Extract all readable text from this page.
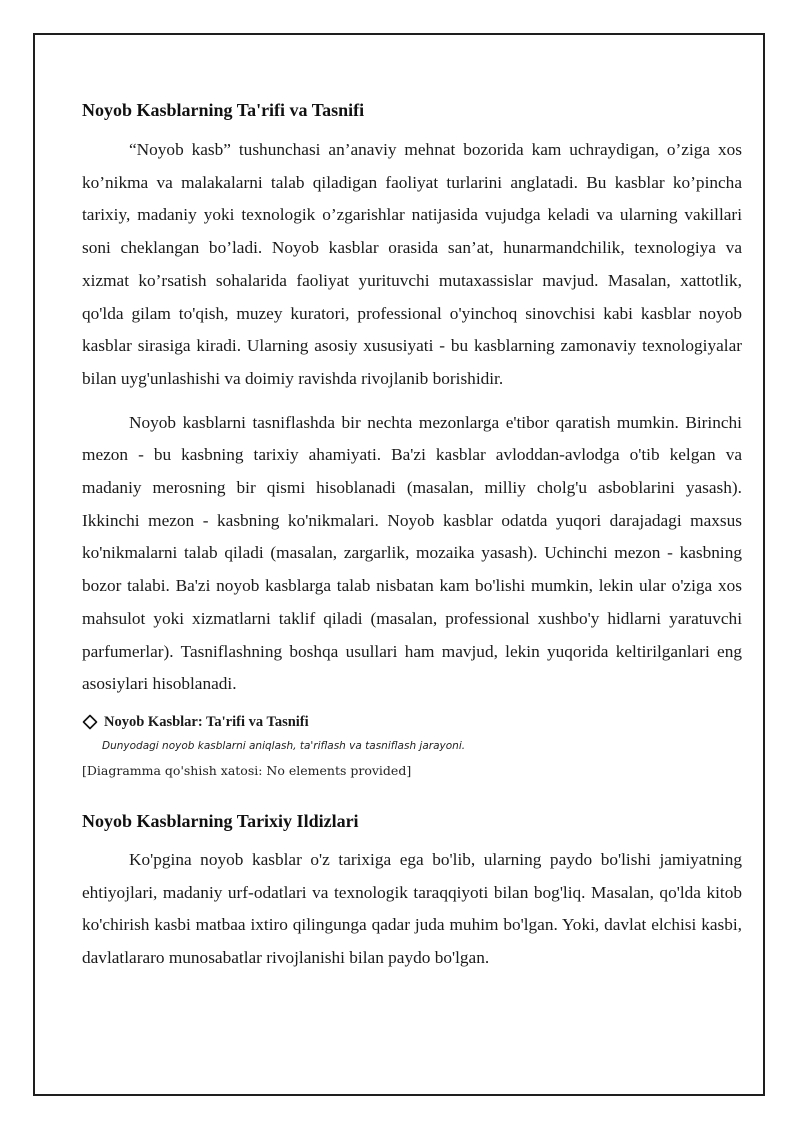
Noyob Kasblarning Ta'rifi va Tasnifi

“Noyob kasb” tushunchasi an’anaviy mehnat bozorida kam uchraydigan, o’ziga xos ko’nikma va malakalarni talab qiladigan faoliyat turlarini anglatadi. Bu kasblar ko’pincha tarixiy, madaniy yoki texnologik o’zgarishlar natijasida vujudga keladi va ularning vakillari soni cheklangan bo’ladi. Noyob kasblar orasida san’at, hunarmandchilik, texnologiya va xizmat ko’rsatish sohalarida faoliyat yurituvchi mutaxassislar mavjud. Masalan, xattotlik, qo'lda gilam to'qish, muzey kuratori, professional o'yinchoq sinovchisi kabi kasblar noyob kasblar sirasiga kiradi. Ularning asosiy xususiyati - bu kasblarning zamonaviy texnologiyalar bilan uyg'unlashishi va doimiy ravishda rivojlanib borishidir.

Noyob kasblarni tasniflashda bir nechta mezonlarga e'tibor qaratish mumkin. Birinchi mezon - bu kasbning tarixiy ahamiyati. Ba'zi kasblar avloddan-avlodga o'tib kelgan va madaniy merosning bir qismi hisoblanadi (masalan, milliy cholg'u asboblarini yasash). Ikkinchi mezon - kasbning ko'nikmalari. Noyob kasblar odatda yuqori darajadagi maxsus ko'nikmalarni talab qiladi (masalan, zargarlik, mozaika yasash). Uchinchi mezon - kasbning bozor talabi. Ba'zi noyob kasblarga talab nisbatan kam bo'lishi mumkin, lekin ular o'ziga xos mahsulot yoki xizmatlarni taklif qiladi (masalan, professional xushbo'y hidlarni yaratuvchi parfumerlar). Tasniflashning boshqa usullari ham mavjud, lekin yuqorida keltirilganlari eng asosiylari hisoblanadi.

Noyob Kasblar: Ta'rifi va Tasnifi
Dunyodagi noyob kasblarni aniqlash, ta'riflash va tasniflash jarayoni.
[Diagramma qo'shish xatosi: No elements provided]
Noyob Kasblarning Tarixiy Ildizlari

Ko'pgina noyob kasblar o'z tarixiga ega bo'lib, ularning paydo bo'lishi jamiyatning ehtiyojlari, madaniy urf-odatlari va texnologik taraqqiyoti bilan bog'liq. Masalan, qo'lda kitob ko'chirish kasbi matbaa ixtiro qilingunga qadar juda muhim bo'lgan. Yoki, davlat elchisi kasbi, davlatlararo munosabatlar rivojlanishi bilan paydo bo'lgan.
